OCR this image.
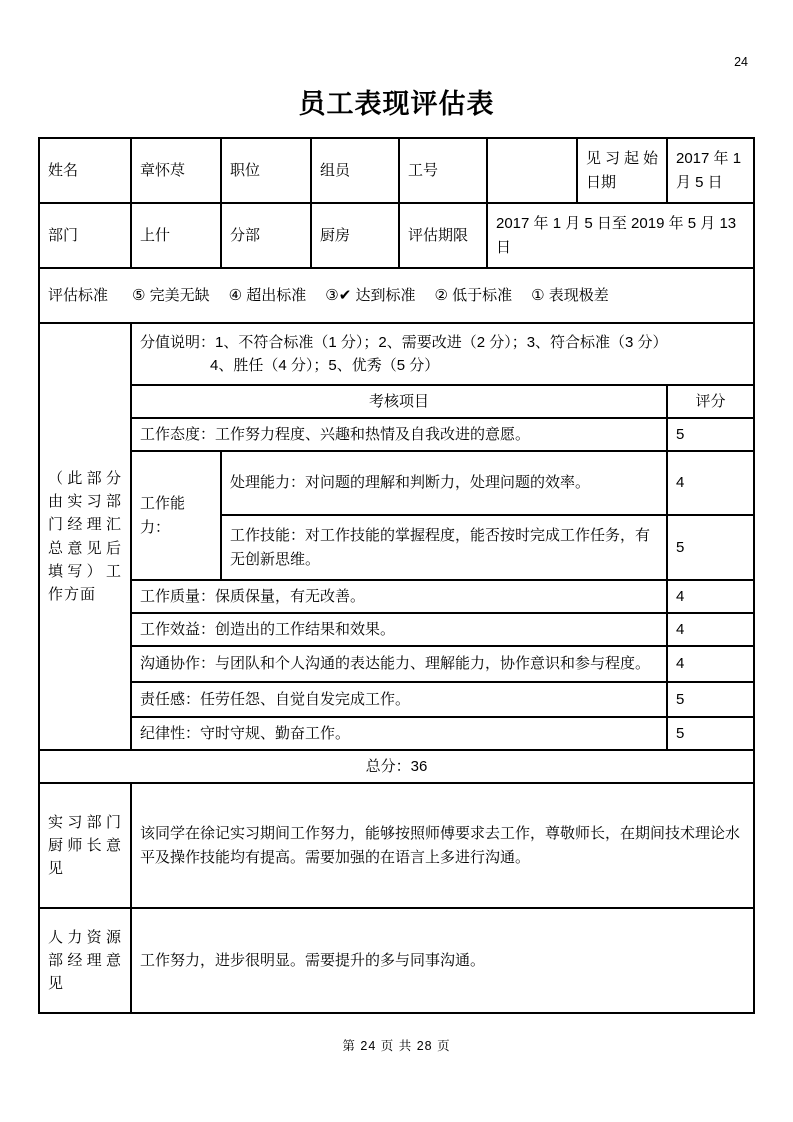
24
员工表现评估表
姓名	章怀荩	职位	组员	工号		见习起始日期	2017 年 1 月 5 日
部门	上什	分部	厨房	评估期限	2017 年 1 月 5 日至 2019 年 5 月 13 日		

评估标准 ⑤ 完美无缺 ④ 超出标准 ③✔ 达到标准 ② 低于标准 ① 表现极差

（此部分由实习部门经理汇总意见后填写）工作方面	分值说明：1、不符合标准（1 分）；2、需要改进（2 分）；3、符合标准（3 分）
4、胜任（4 分）；5、优秀（5 分）						

	考核项目						评分
	工作态度：工作努力程度、兴趣和热情及自我改进的意愿。						5
	工作能力：	处理能力：对问题的理解和判断力，处理问题的效率。					4
		工作技能：对工作技能的掌握程度，能否按时完成工作任务，有无创新思维。					5
	工作质量：保质保量，有无改善。						4
	工作效益：创造出的工作结果和效果。						4
	沟通协作：与团队和个人沟通的表达能力、理解能力，协作意识和参与程度。						4
	责任感：任劳任怨、自觉自发完成工作。						5
	纪律性：守时守规、勤奋工作。						5
总分：36							
实习部门厨师长意见	该同学在徐记实习期间工作努力，能够按照师傅要求去工作，尊敬师长，在期间技术理论水平及操作技能均有提高。需要加强的在语言上多进行沟通。						
人力资源部经理意见	工作努力，进步很明显。需要提升的多与同事沟通。						
第 24 页 共 28 页
